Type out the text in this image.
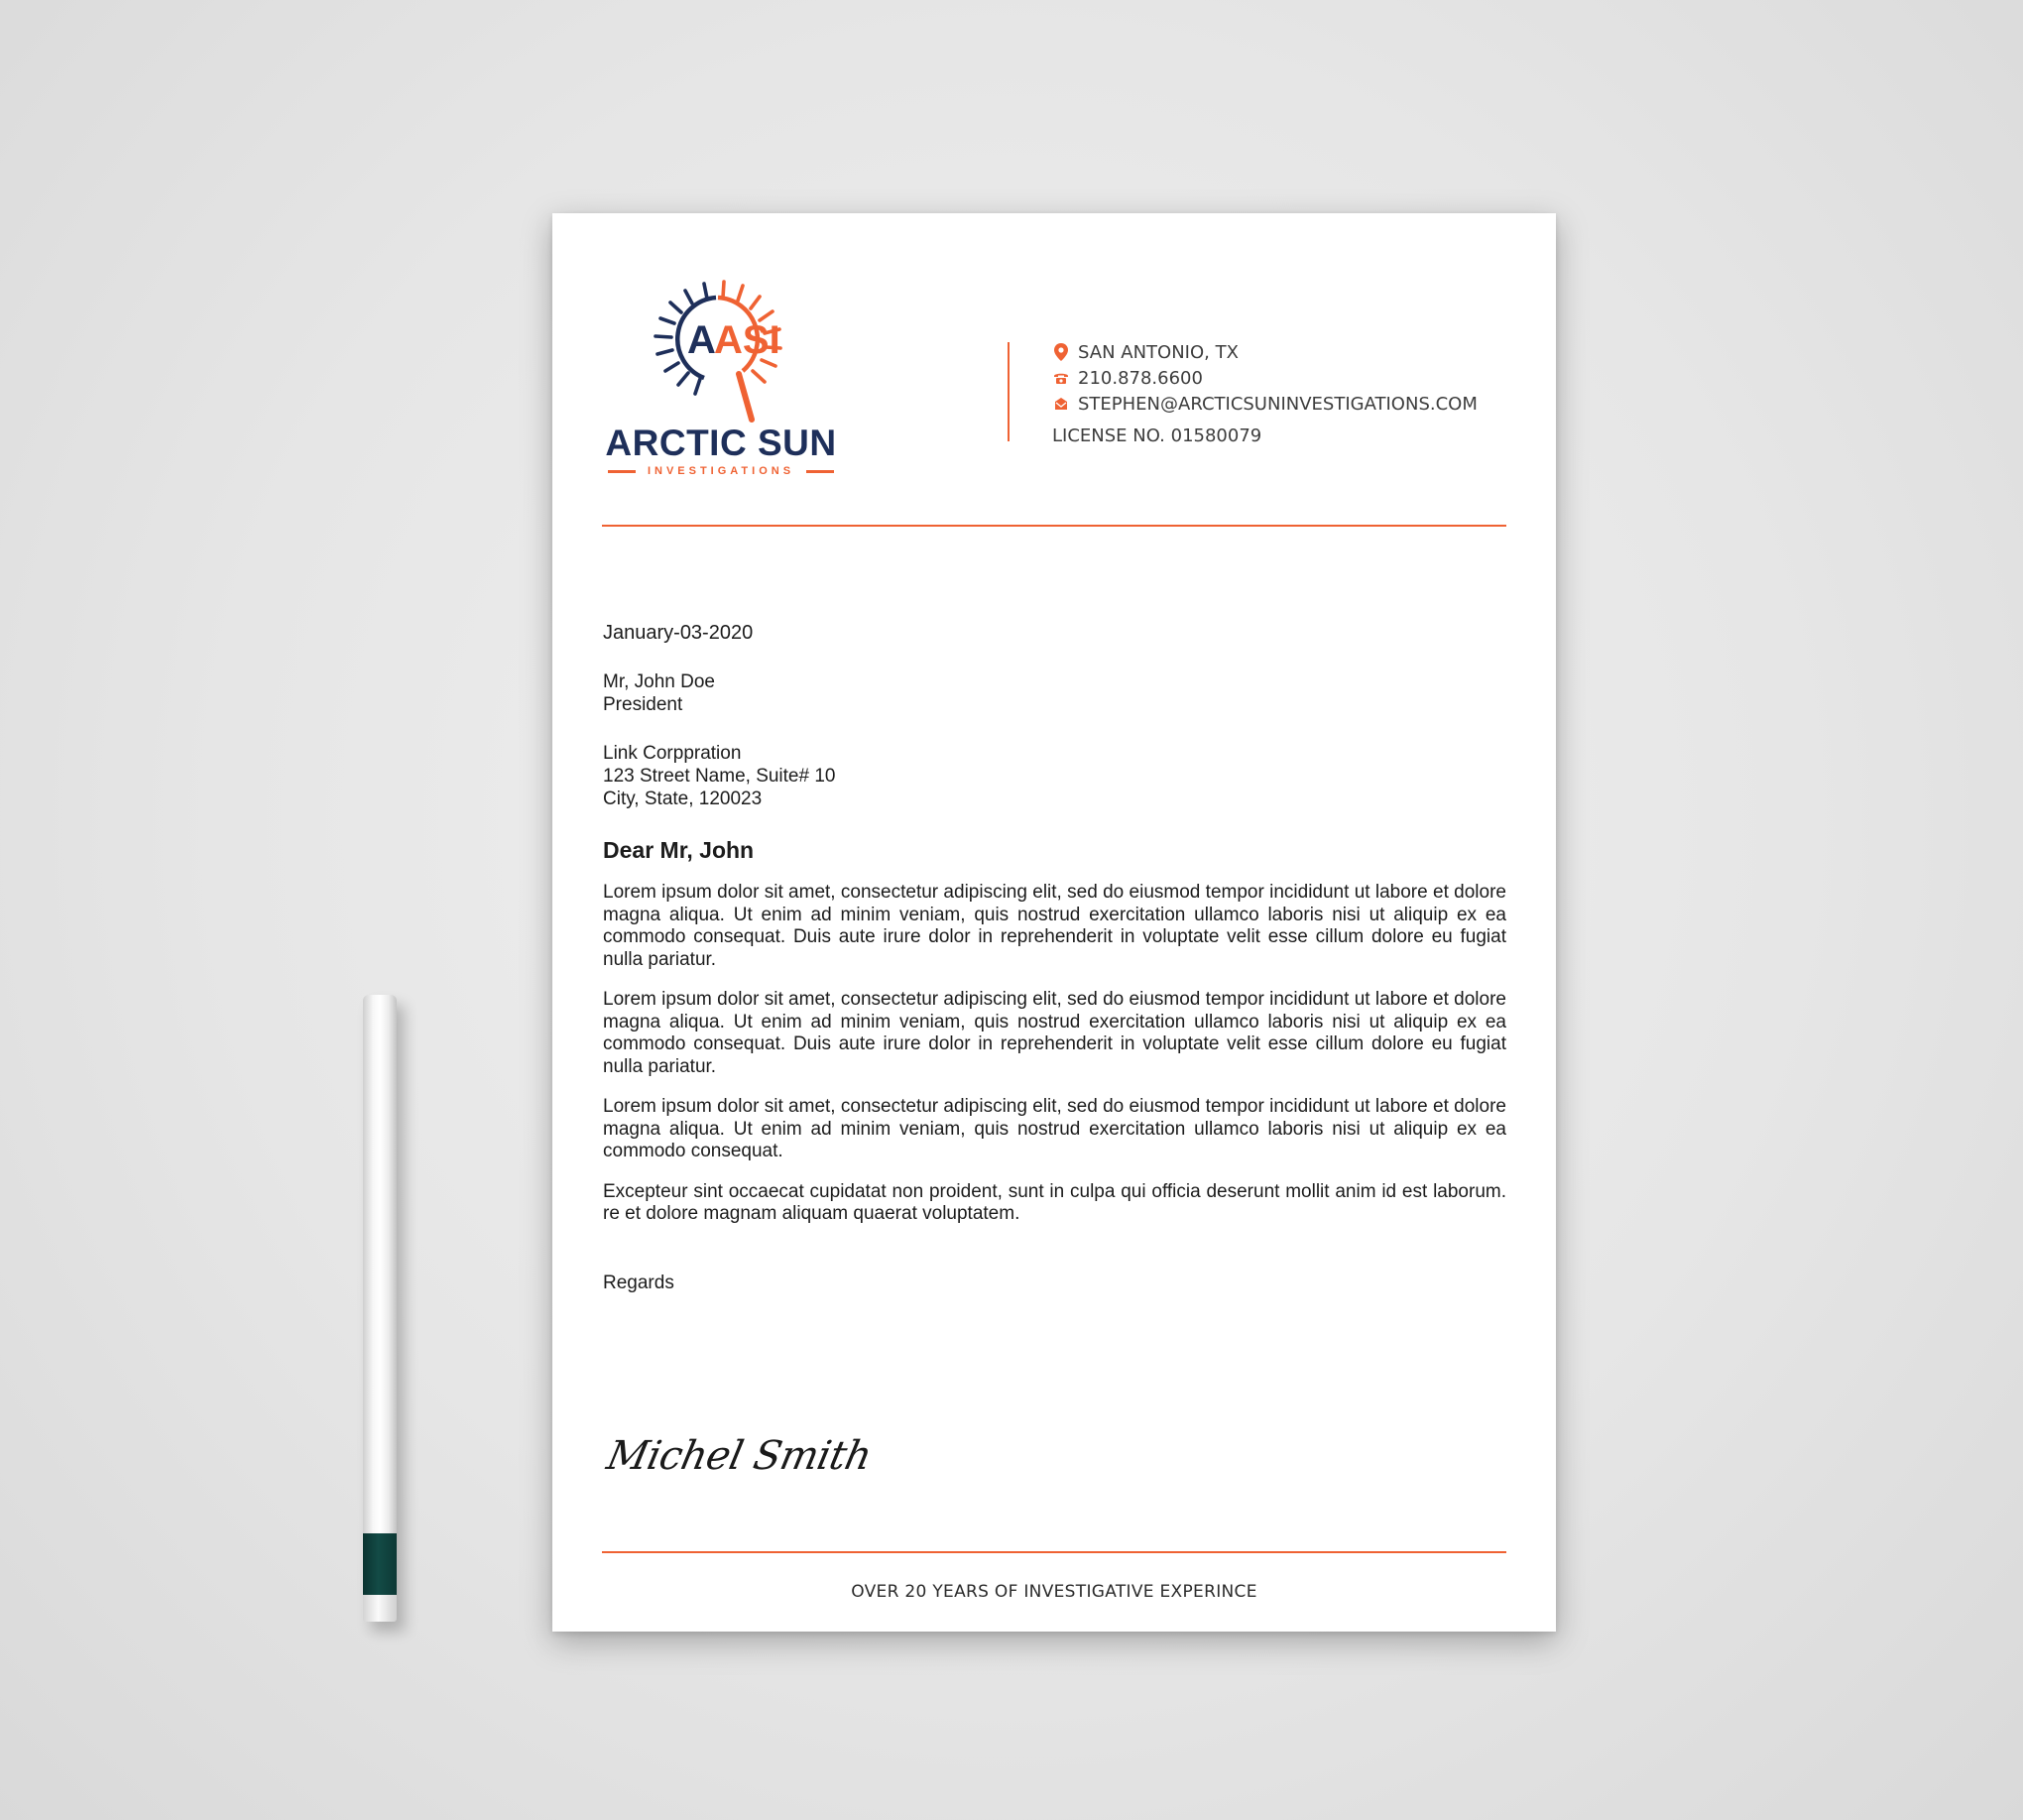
A
ASI
ARCTIC SUN
INVESTIGATIONS
SAN ANTONIO, TX
210.878.6600
STEPHEN@ARCTICSUNINVESTIGATIONS.COM
LICENSE NO. 01580079
January-03-2020
Mr, John Doe
President
Link Corppration
123 Street Name, Suite# 10
City, State, 120023
Dear Mr, John
Lorem ipsum dolor sit amet, consectetur adipiscing elit, sed do eiusmod tempor incididunt ut labore et dolore magna aliqua. Ut enim ad minim veniam, quis nostrud exercitation ullamco laboris nisi ut aliquip ex ea commodo consequat. Duis aute irure dolor in reprehenderit in voluptate velit esse cillum dolore eu fugiat nulla pariatur.
Lorem ipsum dolor sit amet, consectetur adipiscing elit, sed do eiusmod tempor incididunt ut labore et dolore magna aliqua. Ut enim ad minim veniam, quis nostrud exercitation ullamco laboris nisi ut aliquip ex ea commodo consequat. Duis aute irure dolor in reprehenderit in voluptate velit esse cillum dolore eu fugiat nulla pariatur.
Lorem ipsum dolor sit amet, consectetur adipiscing elit, sed do eiusmod tempor incididunt ut labore et dolore magna aliqua. Ut enim ad minim veniam, quis nostrud exercitation ullamco laboris nisi ut aliquip ex ea commodo consequat.
Excepteur sint occaecat cupidatat non proident, sunt in culpa qui officia deserunt mollit anim id est laborum. re et dolore magnam aliquam quaerat voluptatem.
Regards
Michel Smith
OVER 20 YEARS OF INVESTIGATIVE EXPERINCE
